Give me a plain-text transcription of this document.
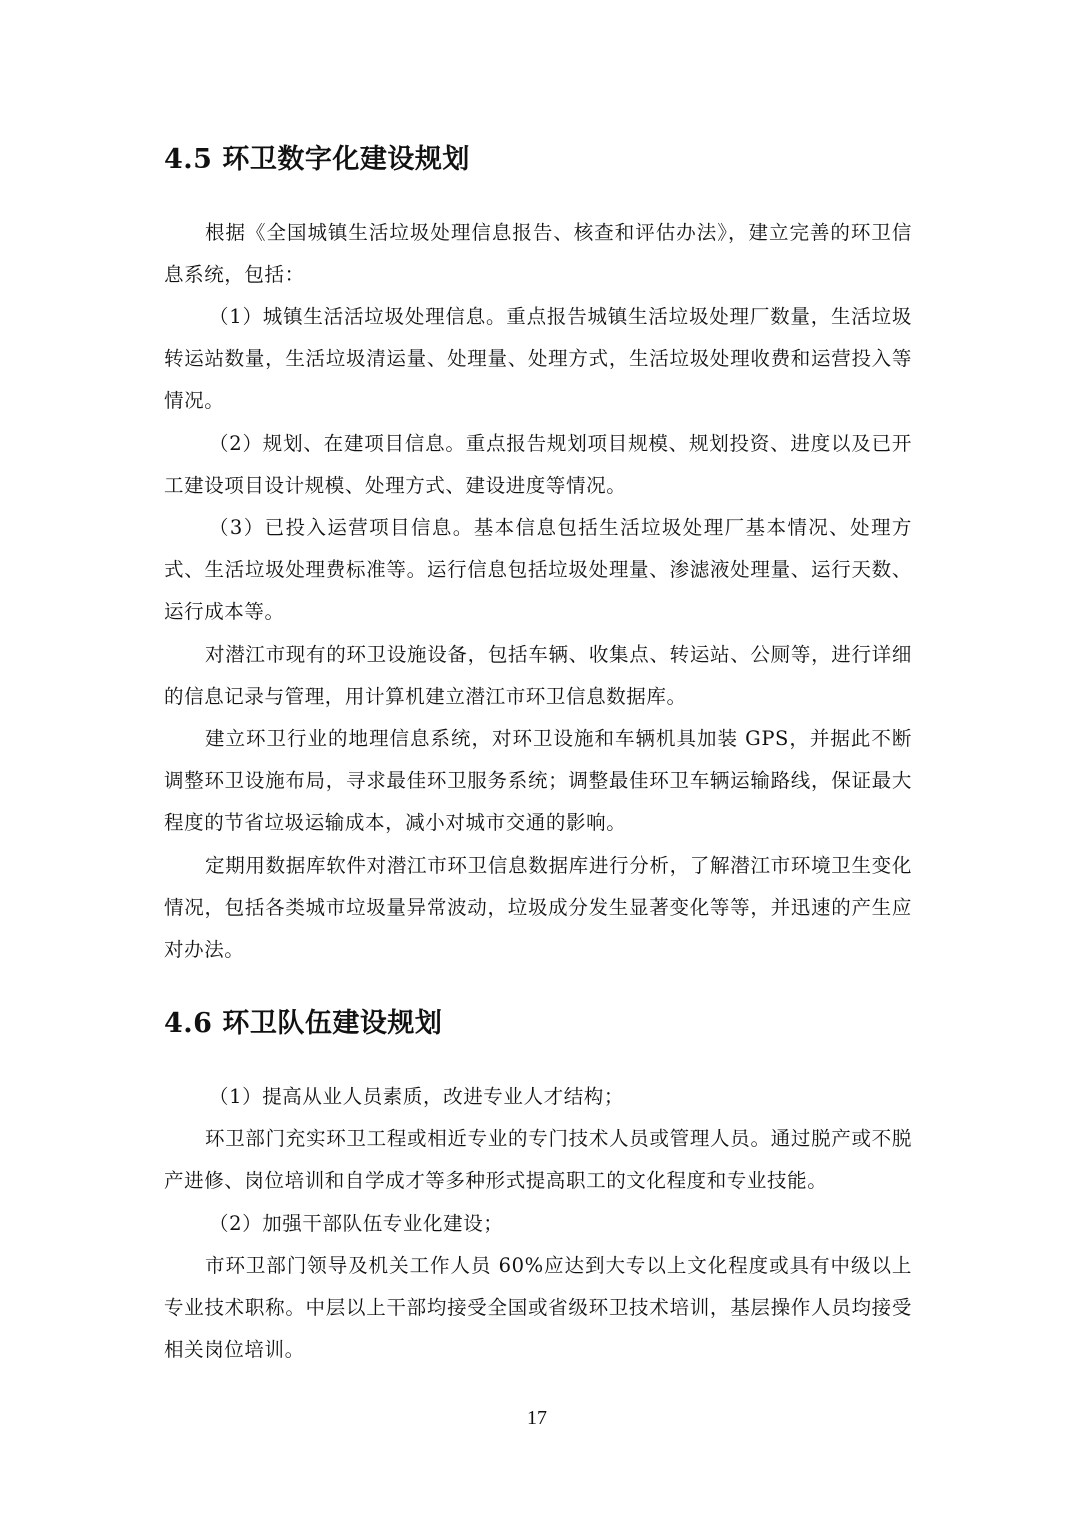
4.5 环卫数字化建设规划
根据《全国城镇生活垃圾处理信息报告、核查和评估办法》，建立完善的环卫信息系统，包括：
（1）城镇生活活垃圾处理信息。重点报告城镇生活垃圾处理厂数量，生活垃圾转运站数量，生活垃圾清运量、处理量、处理方式，生活垃圾处理收费和运营投入等情况。
（2）规划、在建项目信息。重点报告规划项目规模、规划投资、进度以及已开工建设项目设计规模、处理方式、建设进度等情况。
（3）已投入运营项目信息。基本信息包括生活垃圾处理厂基本情况、处理方式、生活垃圾处理费标准等。运行信息包括垃圾处理量、渗滤液处理量、运行天数、运行成本等。
对潜江市现有的环卫设施设备，包括车辆、收集点、转运站、公厕等，进行详细的信息记录与管理，用计算机建立潜江市环卫信息数据库。
建立环卫行业的地理信息系统，对环卫设施和车辆机具加装 GPS，并据此不断调整环卫设施布局，寻求最佳环卫服务系统；调整最佳环卫车辆运输路线，保证最大程度的节省垃圾运输成本，减小对城市交通的影响。
定期用数据库软件对潜江市环卫信息数据库进行分析，了解潜江市环境卫生变化情况，包括各类城市垃圾量异常波动，垃圾成分发生显著变化等等，并迅速的产生应对办法。
4.6 环卫队伍建设规划
（1）提高从业人员素质，改进专业人才结构；
环卫部门充实环卫工程或相近专业的专门技术人员或管理人员。通过脱产或不脱产进修、岗位培训和自学成才等多种形式提高职工的文化程度和专业技能。
（2）加强干部队伍专业化建设；
市环卫部门领导及机关工作人员 60%应达到大专以上文化程度或具有中级以上专业技术职称。中层以上干部均接受全国或省级环卫技术培训，基层操作人员均接受相关岗位培训。
17
